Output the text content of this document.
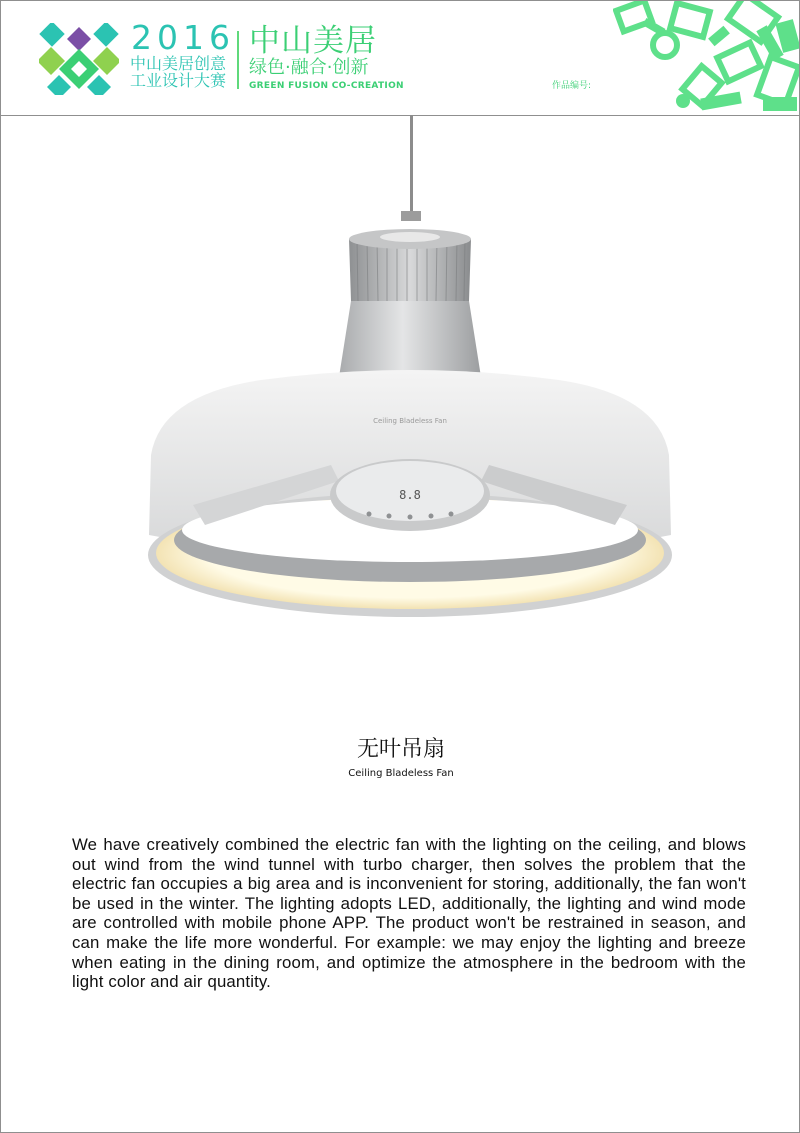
2016
中山美居创意
工业设计大赛
中山美居
绿色·融合·创新
GREEN FUSION CO-CREATION	作品编号:
8.8
Ceiling Bladeless Fan
无叶吊扇
Ceiling Bladeless Fan

We have creatively combined the electric fan with the lighting on the ceiling, and blows out wind from the wind tunnel with turbo charger, then solves the problem that the electric fan occupies a big area and is inconvenient for storing, additionally, the fan won't be used in the winter. The lighting adopts LED, additionally, the lighting and wind mode are controlled with mobile phone APP. The product won't be restrained in season, and can make the life more wonderful. For example: we may enjoy the lighting and breeze when eating in the dining room, and optimize the atmosphere in the bedroom with the light color and air quantity.
